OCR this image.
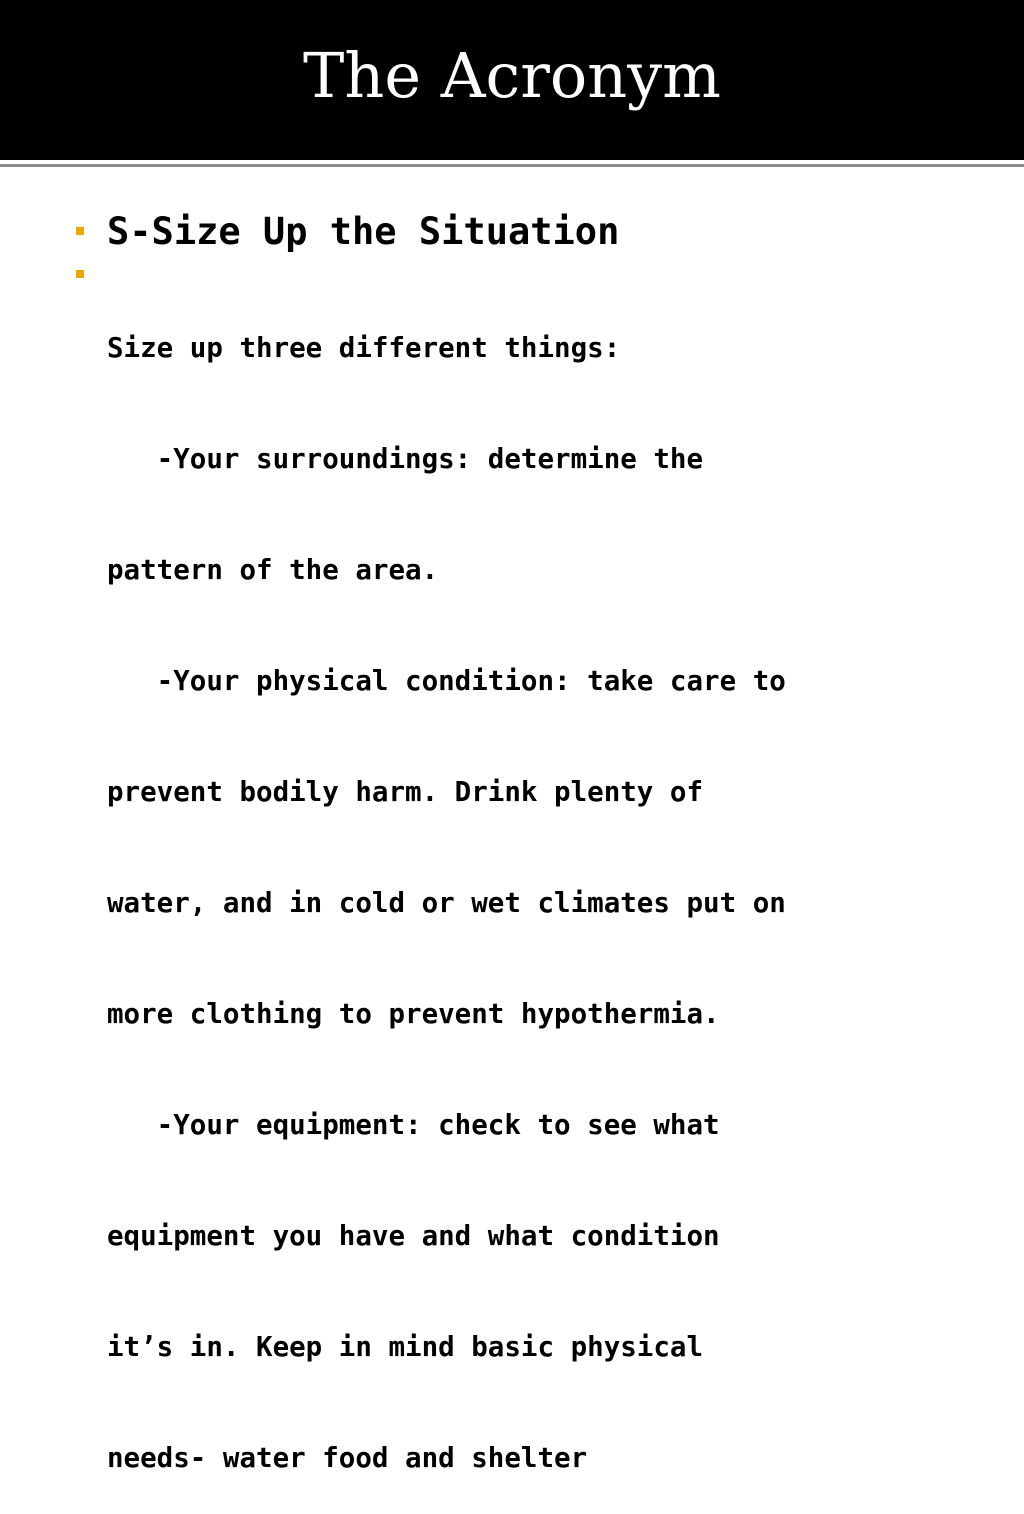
The Acronym
S-Size Up the Situation

Size up three different things:

-Your surroundings: determine the

pattern of the area.

-Your physical condition: take care to

prevent bodily harm. Drink plenty of

water, and in cold or wet climates put on

more clothing to prevent hypothermia.

-Your equipment: check to see what

equipment you have and what condition

it’s in. Keep in mind basic physical

needs- water food and shelter
